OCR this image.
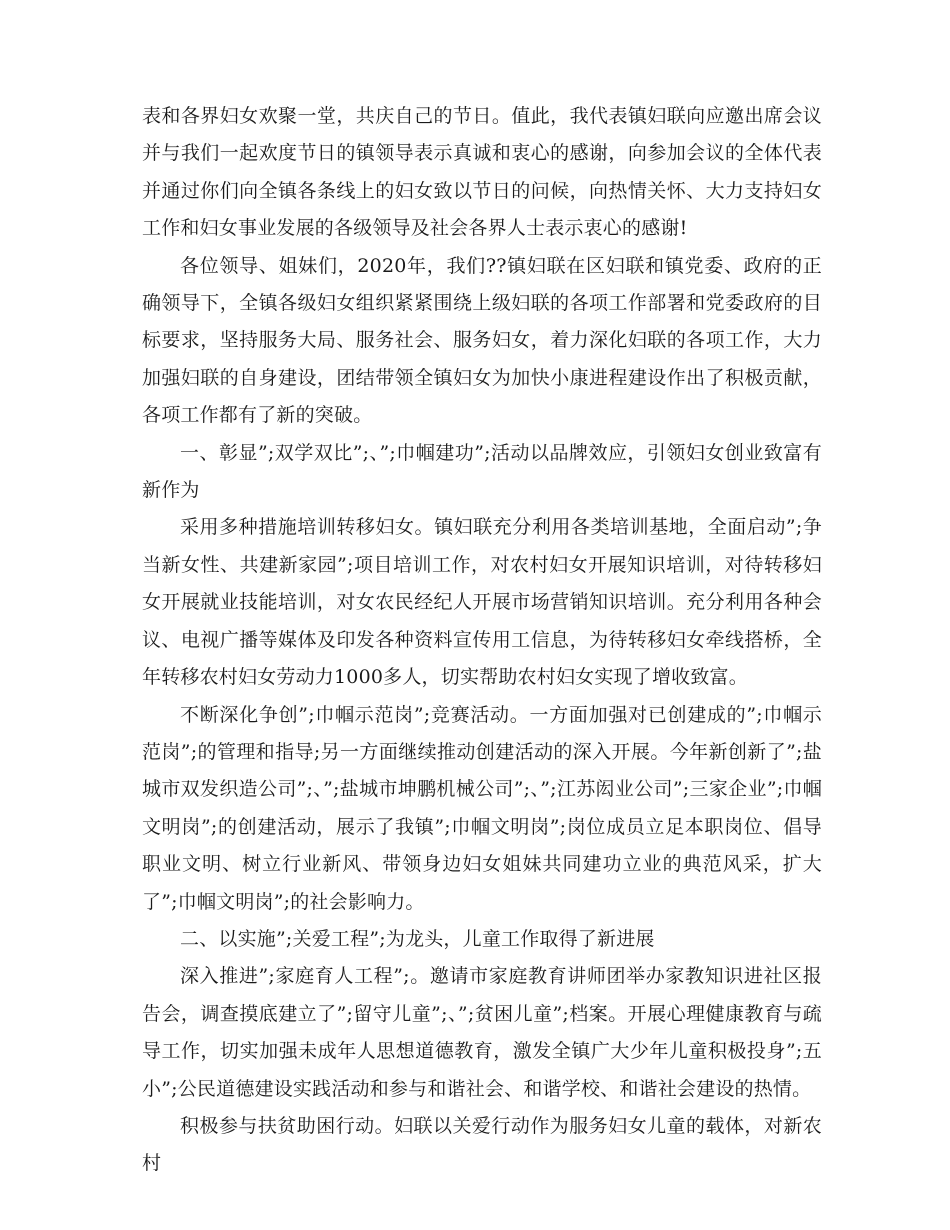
表和各界妇女欢聚一堂，共庆自己的节日。值此，我代表镇妇联向应邀出席会议并与我们一起欢度节日的镇领导表示真诚和衷心的感谢，向参加会议的全体代表并通过你们向全镇各条线上的妇女致以节日的问候，向热情关怀、大力支持妇女工作和妇女事业发展的各级领导及社会各界人士表示衷心的感谢!

各位领导、姐妹们，2020年，我们??镇妇联在区妇联和镇党委、政府的正确领导下，全镇各级妇女组织紧紧围绕上级妇联的各项工作部署和党委政府的目标要求，坚持服务大局、服务社会、服务妇女，着力深化妇联的各项工作，大力加强妇联的自身建设，团结带领全镇妇女为加快小康进程建设作出了积极贡献，各项工作都有了新的突破。

一、彰显”;双学双比”;、”;巾帼建功”;活动以品牌效应，引领妇女创业致富有新作为

采用多种措施培训转移妇女。镇妇联充分利用各类培训基地，全面启动”;争当新女性、共建新家园”;项目培训工作，对农村妇女开展知识培训，对待转移妇女开展就业技能培训，对女农民经纪人开展市场营销知识培训。充分利用各种会议、电视广播等媒体及印发各种资料宣传用工信息，为待转移妇女牵线搭桥，全年转移农村妇女劳动力1000多人，切实帮助农村妇女实现了增收致富。

不断深化争创”;巾帼示范岗”;竞赛活动。一方面加强对已创建成的”;巾帼示范岗”;的管理和指导;另一方面继续推动创建活动的深入开展。今年新创新了”;盐城市双发织造公司”;、”;盐城市坤鹏机械公司”;、”;江苏闳业公司”;三家企业”;巾帼文明岗”;的创建活动，展示了我镇”;巾帼文明岗”;岗位成员立足本职岗位、倡导职业文明、树立行业新风、带领身边妇女姐妹共同建功立业的典范风采，扩大了”;巾帼文明岗”;的社会影响力。

二、以实施”;关爱工程”;为龙头，儿童工作取得了新进展

深入推进”;家庭育人工程”;。邀请市家庭教育讲师团举办家教知识进社区报告会，调查摸底建立了”;留守儿童”;、”;贫困儿童”;档案。开展心理健康教育与疏导工作，切实加强未成年人思想道德教育，激发全镇广大少年儿童积极投身”;五小”;公民道德建设实践活动和参与和谐社会、和谐学校、和谐社会建设的热情。

积极参与扶贫助困行动。妇联以关爱行动作为服务妇女儿童的载体，对新农村
